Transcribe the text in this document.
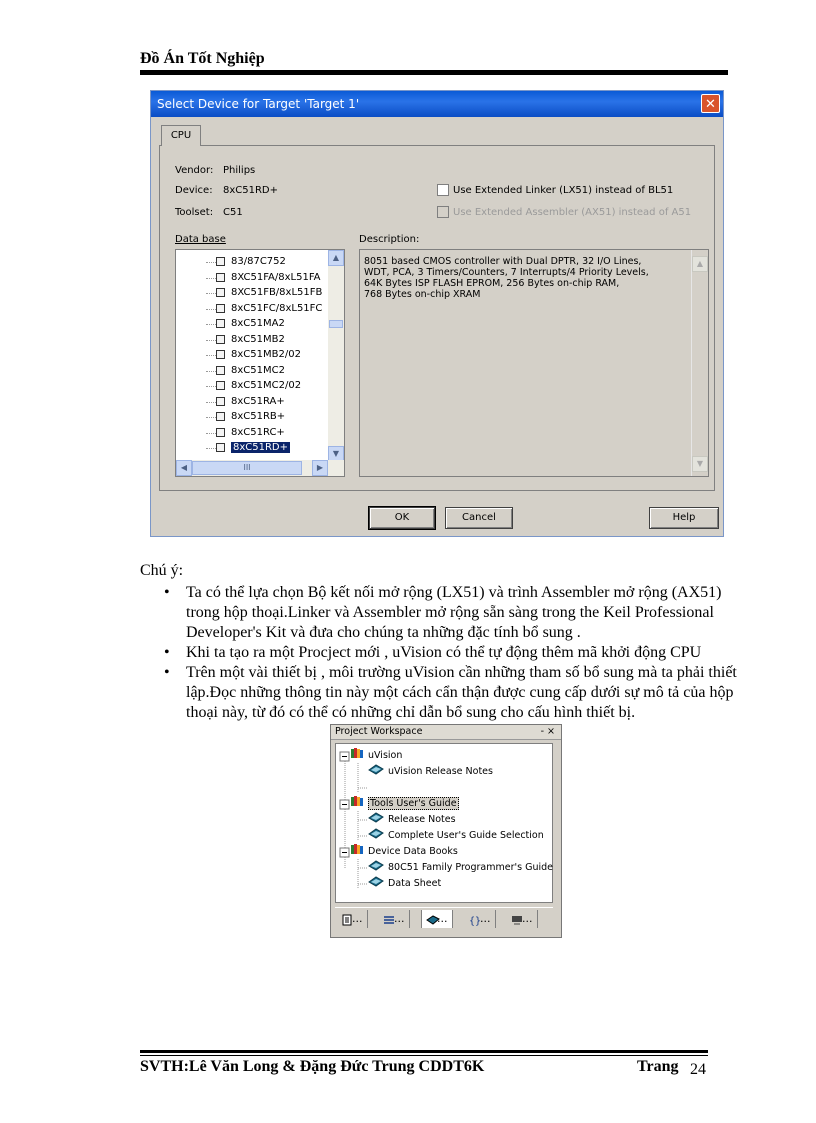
Đồ Án Tốt Nghiệp
Select Device for Target 'Target 1'	✕
CPU
Vendor: Philips
Device: 8xC51RD+
Toolset: C51
Use Extended Linker (LX51) instead of BL51
Use Extended Assembler (AX51) instead of A51
Data base	Description:
83/87C752
8XC51FA/8xL51FA
8XC51FB/8xL51FB
8xC51FC/8xL51FC
8xC51MA2
8xC51MB2
8xC51MB2/02
8xC51MC2
8xC51MC2/02
8xC51RA+
8xC51RB+
8xC51RC+
8xC51RD+
▲
▼
◀	III	▶
8051 based CMOS controller with Dual DPTR, 32 I/O Lines,
WDT, PCA, 3 Timers/Counters, 7 Interrupts/4 Priority Levels,
64K Bytes ISP FLASH EPROM, 256 Bytes on-chip RAM,
768 Bytes on-chip XRAM
▲
▼
OK	Cancel	Help
Chú ý:
• Ta có thể lựa chọn Bộ kết nối mở rộng (LX51) và trình Assembler mở rộng (AX51) trong hộp thoại.Linker và Assembler mở rộng sẵn sàng trong the Keil Professional Developer's Kit và đưa cho chúng ta những đặc tính bổ sung .
• Khi ta tạo ra một Procject mới , uVision có thể tự động thêm mã khởi động CPU
• Trên một vài thiết bị , môi trường uVision cần những tham số bổ sung mà ta phải thiết lập.Đọc những thông tin này một cách cẩn thận được cung cấp dưới sự mô tả của hộp thoại này, từ đó có thể có những chỉ dẫn bổ sung cho cấu hình thiết bị.
Project Workspace	- ×
uVision
uVision Release Notes
Tools User's Guide
Release Notes
Complete User's Guide Selection
Device Data Books
80C51 Family Programmer's Guide
Data Sheet
...	...	...	{}
...	...
SVTH:Lê Văn Long & Đặng Đức Trung CDDT6K	Trang 24
